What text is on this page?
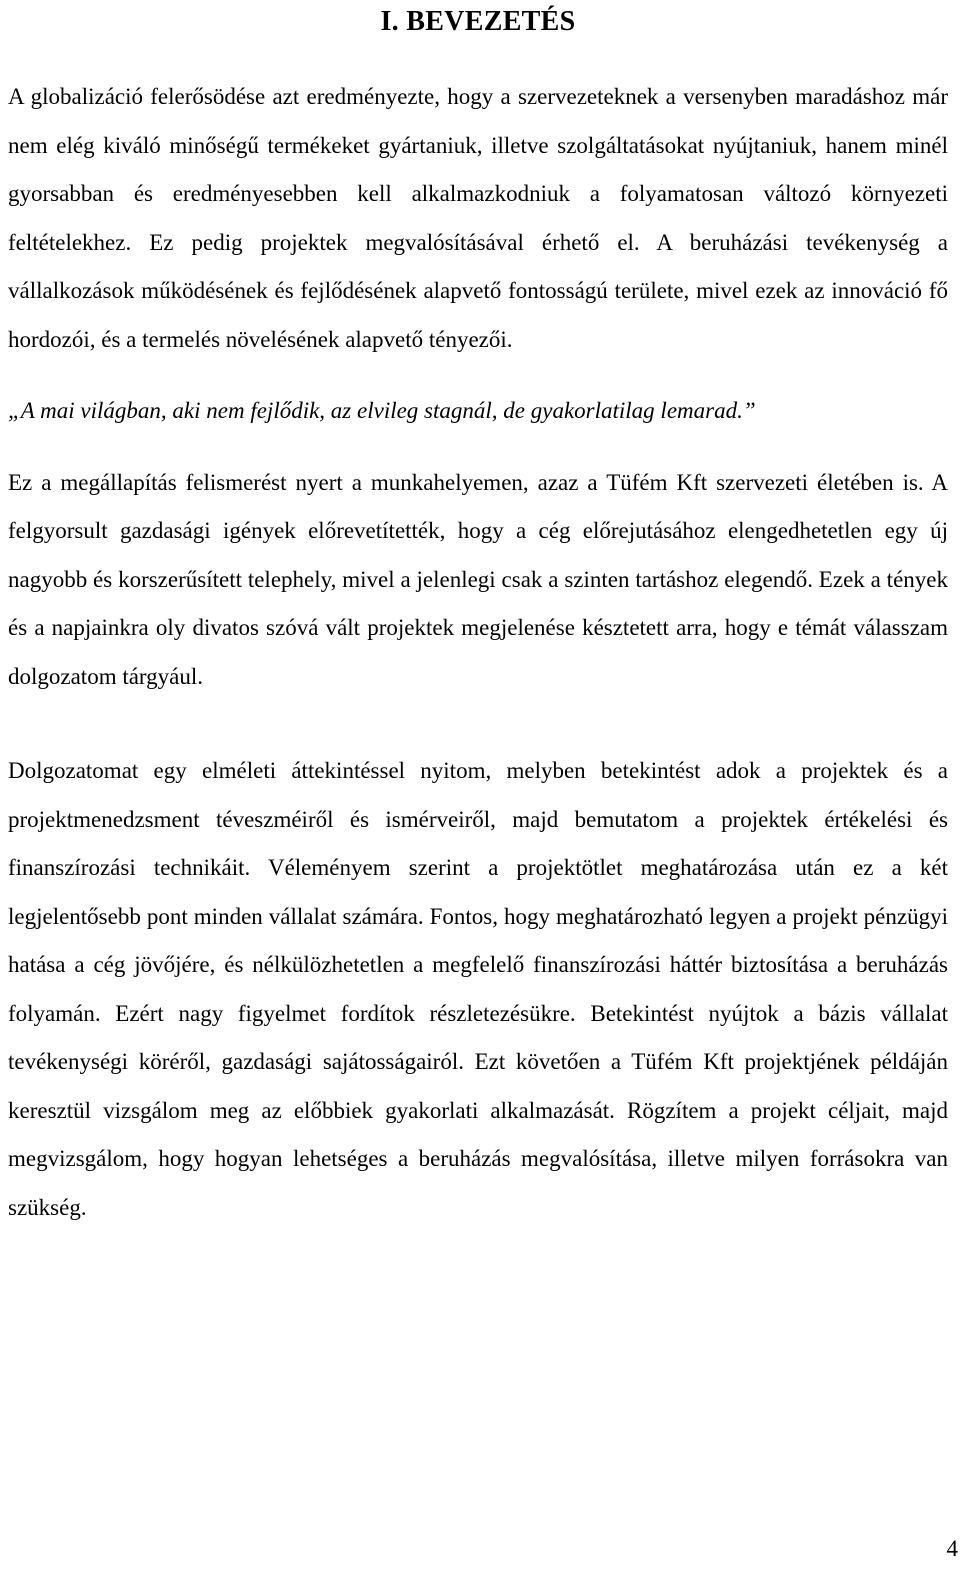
I. BEVEZETÉS

A globalizáció felerősödése azt eredményezte, hogy a szervezeteknek a versenyben maradáshoz már nem elég kiváló minőségű termékeket gyártaniuk, illetve szolgáltatásokat nyújtaniuk, hanem minél gyorsabban és eredményesebben kell alkalmazkodniuk a folyamatosan változó környezeti feltételekhez. Ez pedig projektek megvalósításával érhető el. A beruházási tevékenység a vállalkozások működésének és fejlődésének alapvető fontosságú területe, mivel ezek az innováció fő hordozói, és a termelés növelésének alapvető tényezői.

„A mai világban, aki nem fejlődik, az elvileg stagnál, de gyakorlatilag lemarad.”

Ez a megállapítás felismerést nyert a munkahelyemen, azaz a Tüfém Kft szervezeti életében is. A felgyorsult gazdasági igények előrevetítették, hogy a cég előrejutásához elengedhetetlen egy új nagyobb és korszerűsített telephely, mivel a jelenlegi csak a szinten tartáshoz elegendő. Ezek a tények és a napjainkra oly divatos szóvá vált projektek megjelenése késztetett arra, hogy e témát válasszam dolgozatom tárgyául.

Dolgozatomat egy elméleti áttekintéssel nyitom, melyben betekintést adok a projektek és a projektmenedzsment téveszméiről és ismérveiről, majd bemutatom a projektek értékelési és finanszírozási technikáit. Véleményem szerint a projektötlet meghatározása után ez a két legjelentősebb pont minden vállalat számára. Fontos, hogy meghatározható legyen a projekt pénzügyi hatása a cég jövőjére, és nélkülözhetetlen a megfelelő finanszírozási háttér biztosítása a beruházás folyamán. Ezért nagy figyelmet fordítok részletezésükre. Betekintést nyújtok a bázis vállalat tevékenységi köréről, gazdasági sajátosságairól. Ezt követően a Tüfém Kft projektjének példáján keresztül vizsgálom meg az előbbiek gyakorlati alkalmazását. Rögzítem a projekt céljait, majd megvizsgálom, hogy hogyan lehetséges a beruházás megvalósítása, illetve milyen forrásokra van szükség.

4
